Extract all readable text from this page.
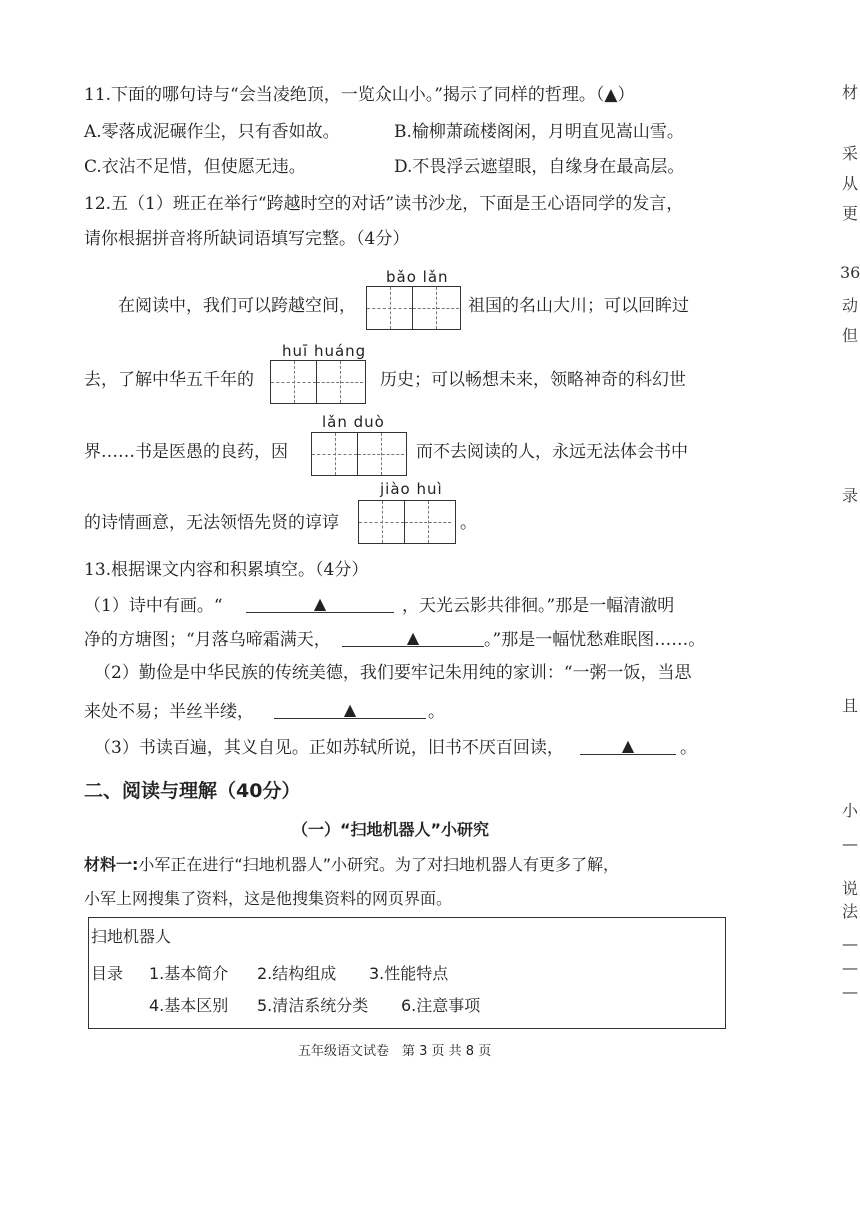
11.下面的哪句诗与“会当凌绝顶，一览众山小。”揭示了同样的哲理。（▲）
A.零落成泥碾作尘，只有香如故。	B.榆柳萧疏楼阁闲，月明直见嵩山雪。
C.衣沾不足惜，但使愿无违。	D.不畏浮云遮望眼，自缘身在最高层。
12.五（1）班正在举行“跨越时空的对话”读书沙龙，下面是王心语同学的发言，
请你根据拼音将所缺词语填写完整。（4分）
bǎo lǎn
在阅读中，我们可以跨越空间，	祖国的名山大川；可以回眸过
huī huáng
去，了解中华五千年的	历史；可以畅想未来，领略神奇的科幻世
lǎn duò
界……书是医愚的良药，因	而不去阅读的人，永远无法体会书中
jiào huì
的诗情画意，无法领悟先贤的谆谆	。
13.根据课文内容和积累填空。（4分）
（1）诗中有画。“	▲	，天光云影共徘徊。”那是一幅清澈明
净的方塘图；“月落乌啼霜满天，	▲	。”那是一幅忧愁难眠图……。
（2）勤俭是中华民族的传统美德，我们要牢记朱用纯的家训：“一粥一饭，当思
来处不易；半丝半缕，	▲	。
（3）书读百遍，其义自见。正如苏轼所说，旧书不厌百回读，	▲	。
二、阅读与理解（40分）
（一）“扫地机器人”小研究
材料一:小军正在进行“扫地机器人”小研究。为了对扫地机器人有更多了解，
小军上网搜集了资料，这是他搜集资料的网页界面。
扫地机器人
目录 1.基本简介 2.结构组成 3.性能特点
4.基本区别 5.清洁系统分类 6.注意事项
五年级语文试卷　第 3 页 共 8 页
材
采
从
更
36
动
但
录
且
小
—
说
法
—
—
—
